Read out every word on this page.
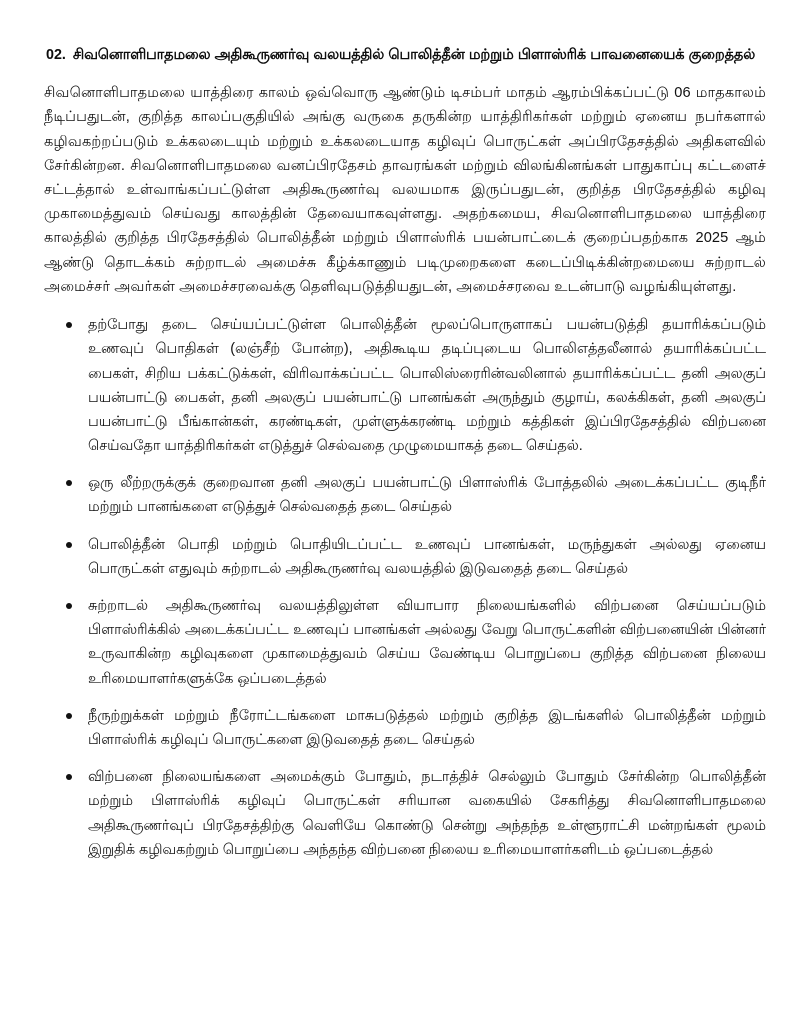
02. சிவனொளிபாதமலை அதிகூருணர்வு வலயத்தில் பொலித்தீன் மற்றும் பிளாஸ்ரிக் பாவனையைக் குறைத்தல்

சிவனொளிபாதமலை யாத்திரை காலம் ஒவ்வொரு ஆண்டும் டிசம்பர் மாதம் ஆரம்பிக்கப்பட்டு 06 மாதகாலம் நீடிப்பதுடன், குறித்த காலப்பகுதியில் அங்கு வருகை தருகின்ற யாத்திரிகர்கள் மற்றும் ஏனைய நபர்களால் கழிவகற்றப்படும் உக்கலடையும் மற்றும் உக்கலடையாத கழிவுப் பொருட்கள் அப்பிரதேசத்தில் அதிகளவில் சேர்கின்றன. சிவனொளிபாதமலை வனப்பிரதேசம் தாவரங்கள் மற்றும் விலங்கினங்கள் பாதுகாப்பு கட்டளைச் சட்டத்தால் உள்வாங்கப்பட்டுள்ள அதிகூருணர்வு வலயமாக இருப்பதுடன், குறித்த பிரதேசத்தில் கழிவு முகாமைத்துவம் செய்வது காலத்தின் தேவையாகவுள்ளது. அதற்கமைய, சிவனொளிபாதமலை யாத்திரை காலத்தில் குறித்த பிரதேசத்தில் பொலித்தீன் மற்றும் பிளாஸ்ரிக் பயன்பாட்டைக் குறைப்பதற்காக 2025 ஆம் ஆண்டு தொடக்கம் சுற்றாடல் அமைச்சு கீழ்க்காணும் படிமுறைகளை கடைப்பிடிக்கின்றமையை சுற்றாடல் அமைச்சர் அவர்கள் அமைச்சரவைக்கு தெளிவுபடுத்தியதுடன், அமைச்சரவை உடன்பாடு வழங்கியுள்ளது.

தற்போது தடை செய்யப்பட்டுள்ள பொலித்தீன் மூலப்பொருளாகப் பயன்படுத்தி தயாரிக்கப்படும் உணவுப் பொதிகள் (லஞ்சீற் போன்ற), அதிகூடிய தடிப்புடைய பொலிஎத்தலீனால் தயாரிக்கப்பட்ட பைகள், சிறிய பக்கட்டுக்கள், விரிவாக்கப்பட்ட பொலிஸ்ரைரின்வலினால் தயாரிக்கப்பட்ட தனி அலகுப் பயன்பாட்டு பைகள், தனி அலகுப் பயன்பாட்டு பானங்கள் அருந்தும் குழாய், கலக்கிகள், தனி அலகுப் பயன்பாட்டு பீங்கான்கள், கரண்டிகள், முள்ளுக்கரண்டி மற்றும் கத்திகள் இப்பிரதேசத்தில் விற்பனை செய்வதோ யாத்திரிகர்கள் எடுத்துச் செல்வதை முழுமையாகத் தடை செய்தல்.
ஒரு லீற்றருக்குக் குறைவான தனி அலகுப் பயன்பாட்டு பிளாஸ்ரிக் போத்தலில் அடைக்கப்பட்ட குடிநீர் மற்றும் பானங்களை எடுத்துச் செல்வதைத் தடை செய்தல்
பொலித்தீன் பொதி மற்றும் பொதியிடப்பட்ட உணவுப் பானங்கள், மருந்துகள் அல்லது ஏனைய பொருட்கள் எதுவும் சுற்றாடல் அதிகூருணர்வு வலயத்தில் இடுவதைத் தடை செய்தல்
சுற்றாடல் அதிகூருணர்வு வலயத்திலுள்ள வியாபார நிலையங்களில் விற்பனை செய்யப்படும் பிளாஸ்ரிக்கில் அடைக்கப்பட்ட உணவுப் பானங்கள் அல்லது வேறு பொருட்களின் விற்பனையின் பின்னர் உருவாகின்ற கழிவுகளை முகாமைத்துவம் செய்ய வேண்டிய பொறுப்பை குறித்த விற்பனை நிலைய உரிமையாளர்களுக்கே ஒப்படைத்தல்
நீருற்றுக்கள் மற்றும் நீரோட்டங்களை மாசுபடுத்தல் மற்றும் குறித்த இடங்களில் பொலித்தீன் மற்றும் பிளாஸ்ரிக் கழிவுப் பொருட்களை இடுவதைத் தடை செய்தல்
விற்பனை நிலையங்களை அமைக்கும் போதும், நடாத்திச் செல்லும் போதும் சேர்கின்ற பொலித்தீன் மற்றும் பிளாஸ்ரிக் கழிவுப் பொருட்கள் சரியான வகையில் சேகரித்து சிவனொளிபாதமலை அதிகூருணர்வுப் பிரதேசத்திற்கு வெளியே கொண்டு சென்று அந்தந்த உள்ளூராட்சி மன்றங்கள் மூலம் இறுதிக் கழிவகற்றும் பொறுப்பை அந்தந்த விற்பனை நிலைய உரிமையாளர்களிடம் ஒப்படைத்தல்
